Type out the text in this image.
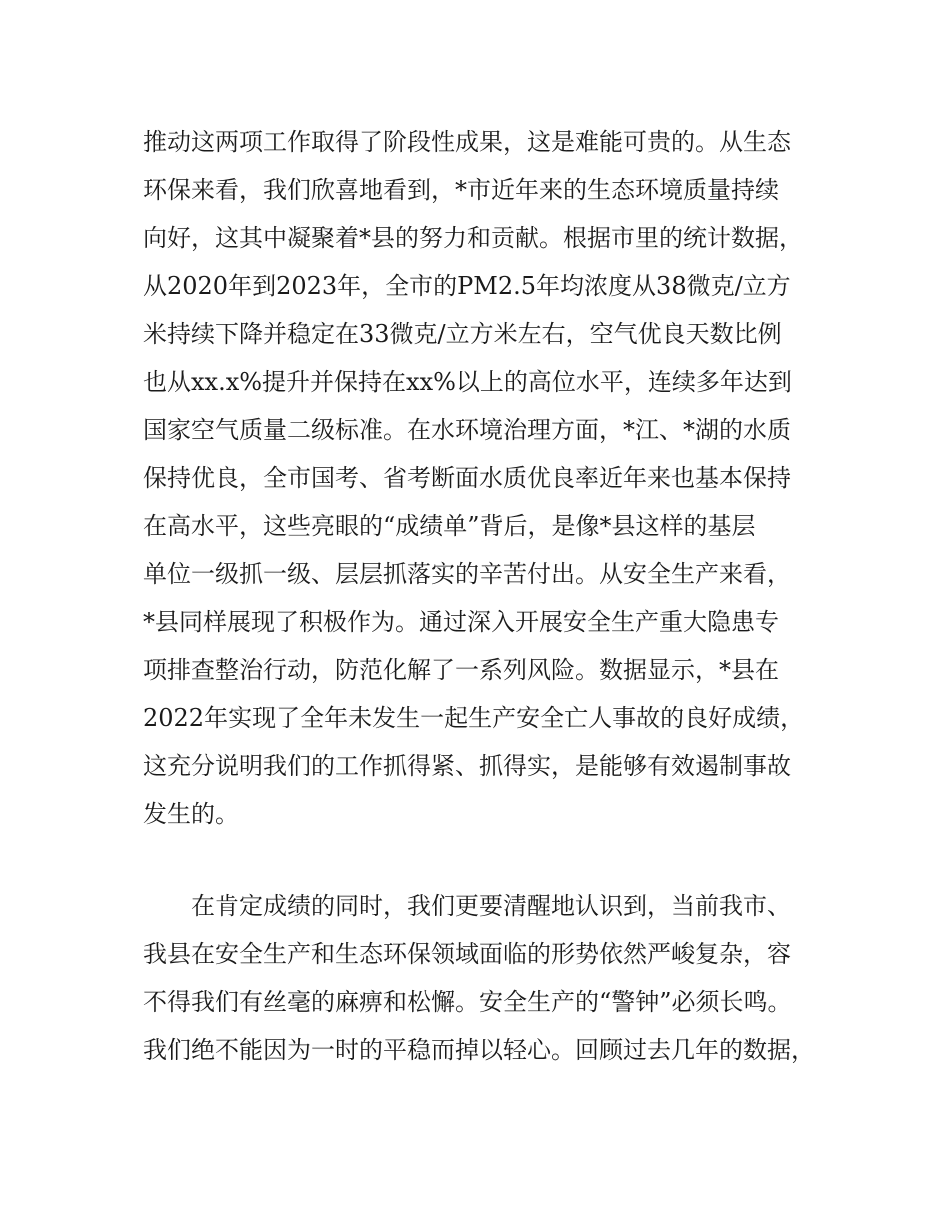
推动这两项工作取得了阶段性成果，这是难能可贵的。从生态

环保来看，我们欣喜地看到，*市近年来的生态环境质量持续

向好，这其中凝聚着*县的努力和贡献。根据市里的统计数据，

从2020年到2023年，全市的PM2.5年均浓度从38微克/立方

米持续下降并稳定在33微克/立方米左右，空气优良天数比例

也从xx.x%提升并保持在xx%以上的高位水平，连续多年达到

国家空气质量二级标准。在水环境治理方面，*江、*湖的水质

保持优良，全市国考、省考断面水质优良率近年来也基本保持

在高水平，这些亮眼的“成绩单”背后，是像*县这样的基层

单位一级抓一级、层层抓落实的辛苦付出。从安全生产来看，

*县同样展现了积极作为。通过深入开展安全生产重大隐患专

项排查整治行动，防范化解了一系列风险。数据显示，*县在

2022年实现了全年未发生一起生产安全亡人事故的良好成绩，

这充分说明我们的工作抓得紧、抓得实，是能够有效遏制事故

发生的。

在肯定成绩的同时，我们更要清醒地认识到，当前我市、

我县在安全生产和生态环保领域面临的形势依然严峻复杂，容

不得我们有丝毫的麻痹和松懈。安全生产的“警钟”必须长鸣。

我们绝不能因为一时的平稳而掉以轻心。回顾过去几年的数据，
